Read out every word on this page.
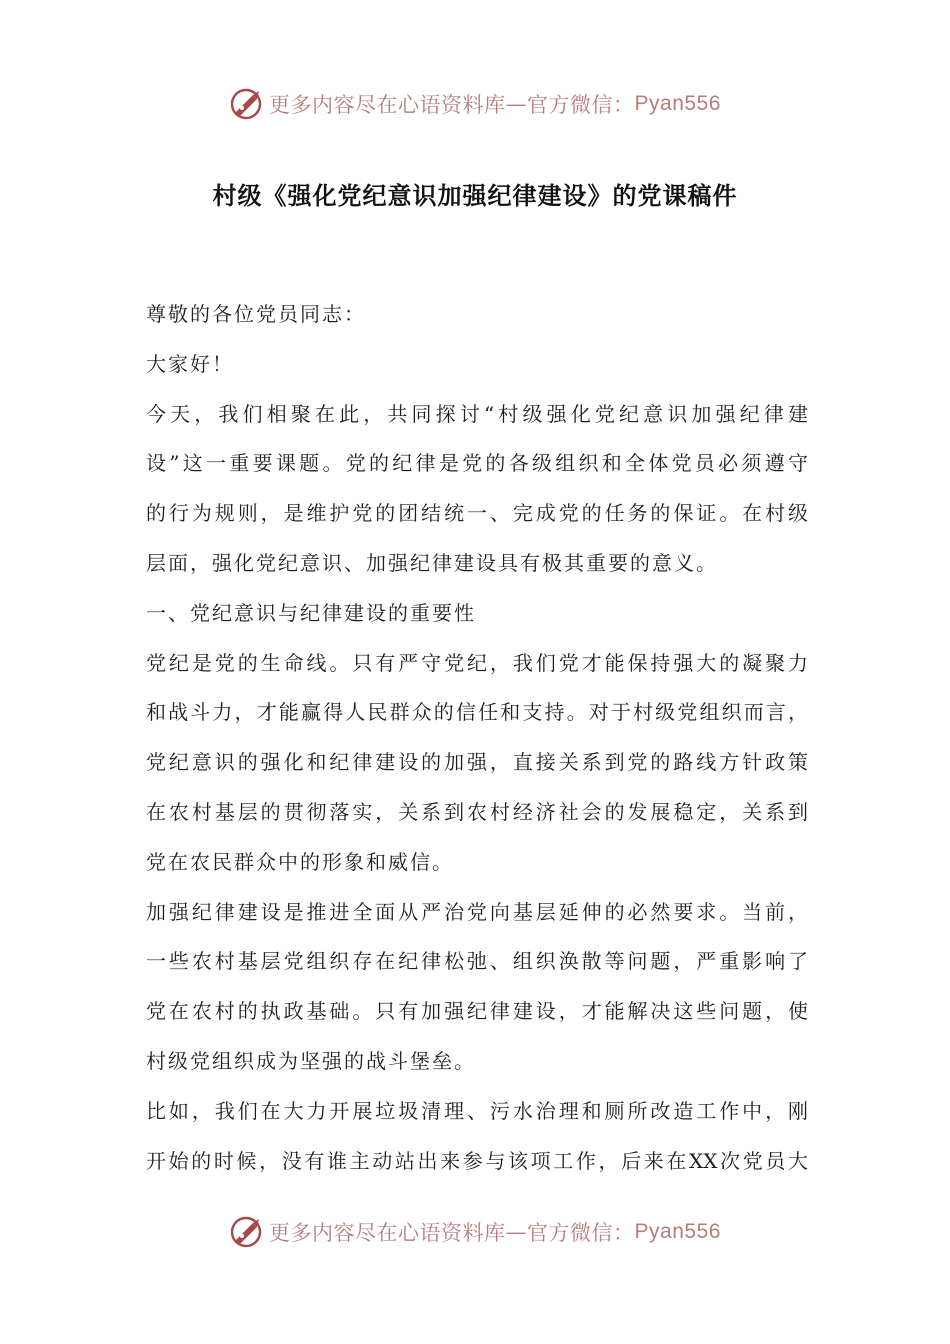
更多内容尽在心语资料库 — 官方微信： Pyan556
村级《强化党纪意识加强纪律建设》的党课稿件
尊敬的各位党员同志：
大家好！
今天，我们相聚在此，共同探讨“村级强化党纪意识加强纪律建
设”这一重要课题。党的纪律是党的各级组织和全体党员必须遵守
的行为规则，是维护党的团结统一、完成党的任务的保证。在村级
层面，强化党纪意识、加强纪律建设具有极其重要的意义。
一、党纪意识与纪律建设的重要性
党纪是党的生命线。只有严守党纪，我们党才能保持强大的凝聚力
和战斗力，才能赢得人民群众的信任和支持。对于村级党组织而言，
党纪意识的强化和纪律建设的加强，直接关系到党的路线方针政策
在农村基层的贯彻落实，关系到农村经济社会的发展稳定，关系到
党在农民群众中的形象和威信。
加强纪律建设是推进全面从严治党向基层延伸的必然要求。当前，
一些农村基层党组织存在纪律松弛、组织涣散等问题，严重影响了
党在农村的执政基础。只有加强纪律建设，才能解决这些问题，使
村级党组织成为坚强的战斗堡垒。
比如，我们在大力开展垃圾清理、污水治理和厕所改造工作中，刚
开始的时候，没有谁主动站出来参与该项工作，后来在XX次党员大
更多内容尽在心语资料库 — 官方微信： Pyan556
